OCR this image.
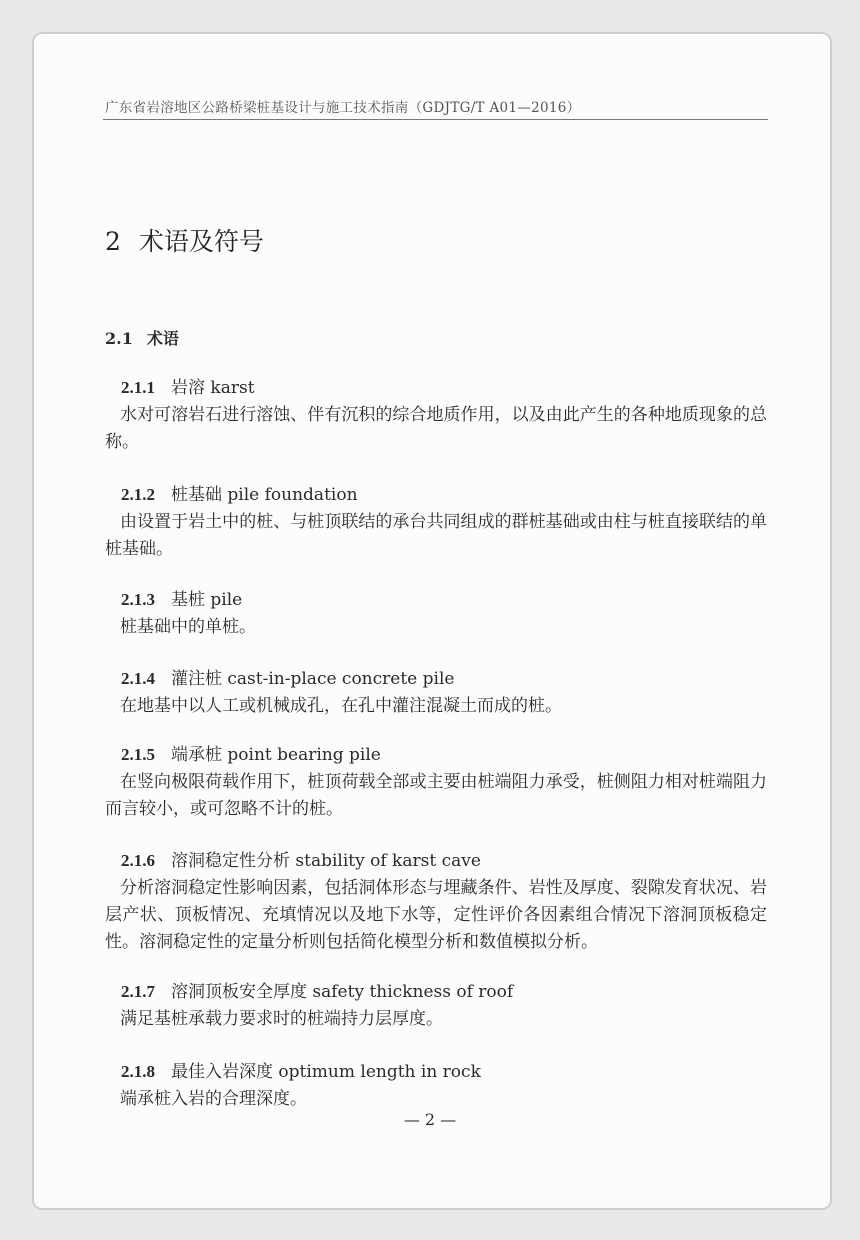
广东省岩溶地区公路桥梁桩基设计与施工技术指南（GDJTG/T A01—2016）
2 术语及符号
2.1 术语
2.1.1 岩溶 karst
水对可溶岩石进行溶蚀、伴有沉积的综合地质作用，以及由此产生的各种地质现象的总称。
2.1.2 桩基础 pile foundation
由设置于岩土中的桩、与桩顶联结的承台共同组成的群桩基础或由柱与桩直接联结的单桩基础。
2.1.3 基桩 pile
桩基础中的单桩。
2.1.4 灌注桩 cast-in-place concrete pile
在地基中以人工或机械成孔，在孔中灌注混凝土而成的桩。
2.1.5 端承桩 point bearing pile
在竖向极限荷载作用下，桩顶荷载全部或主要由桩端阻力承受，桩侧阻力相对桩端阻力而言较小，或可忽略不计的桩。
2.1.6 溶洞稳定性分析 stability of karst cave
分析溶洞稳定性影响因素，包括洞体形态与埋藏条件、岩性及厚度、裂隙发育状况、岩层产状、顶板情况、充填情况以及地下水等，定性评价各因素组合情况下溶洞顶板稳定性。溶洞稳定性的定量分析则包括简化模型分析和数值模拟分析。
2.1.7 溶洞顶板安全厚度 safety thickness of roof
满足基桩承载力要求时的桩端持力层厚度。
2.1.8 最佳入岩深度 optimum length in rock
端承桩入岩的合理深度。
— 2 —
